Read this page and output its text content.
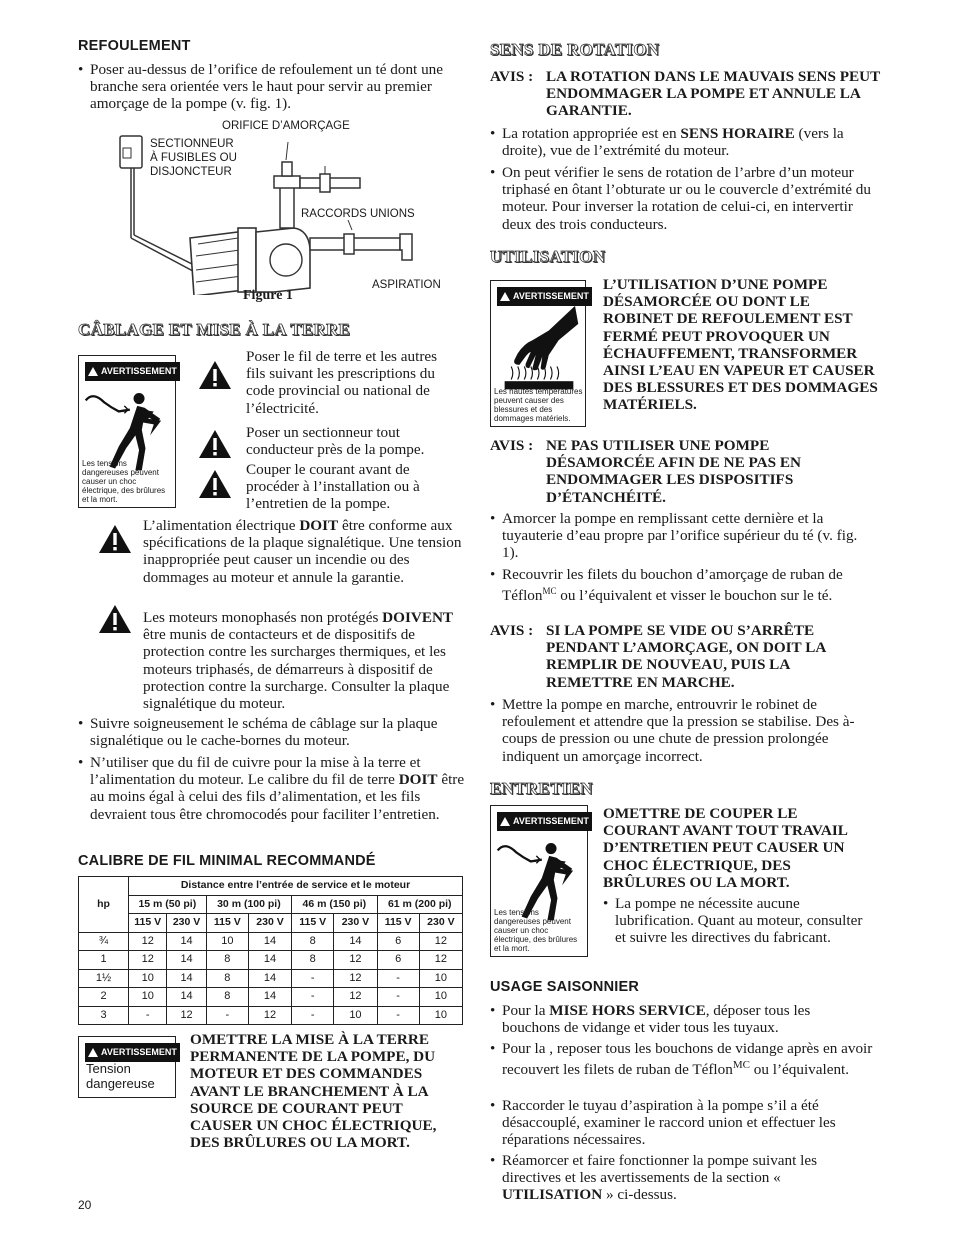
REFOULEMENT

• Poser au-dessus de l’orifice de refoulement un té dont une branche sera orientée vers le haut pour servir au premier amorçage de la pompe (v. fig. 1).

ORIFICE D’AMORÇAGE
SECTIONNEUR
À FUSIBLES OU
DISJONCTEUR
RACCORDS UNIONS
ASPIRATION
Figure 1
CÂBLAGE ET MISE À LA TERRE
AVERTISSEMENT
Les tensions dangereuses peuvent causer un choc électrique, des brûlures et la mort.

Poser le fil de terre et les autres fils suivant les prescriptions du code provincial ou national de l’électricité.

Poser un sectionneur tout conducteur près de la pompe.

Couper le courant avant de procéder à l’installation ou à l’entretien de la pompe.

L’alimentation électrique DOIT être conforme aux spécifications de la plaque signalétique. Une tension inappropriée peut causer un incendie ou des dommages au moteur et annule la garantie.

Les moteurs monophasés non protégés DOIVENT être munis de contacteurs et de dispositifs de protection contre les surcharges thermiques, et les moteurs triphasés, de démarreurs à dispositif de protection contre la surcharge. Consulter la plaque signalétique du moteur.

• Suivre soigneusement le schéma de câblage sur la plaque signalétique ou le cache-bornes du moteur.

• N’utiliser que du fil de cuivre pour la mise à la terre et l’alimentation du moteur. Le calibre du fil de terre DOIT être au moins égal à celui des fils d’alimentation, et les fils devraient tous être chromocodés pour faciliter l’entretien.

CALIBRE DE FIL MINIMAL RECOMMANDÉ
hp	Distance entre l’entrée de service et le moteur							
	15 m (50 pi)		30 m (100 pi)		46 m (150 pi)		61 m (200 pi)	
	115 V	230 V	115 V	230 V	115 V	230 V	115 V	230 V
¾	12	14	10	14	8	14	6	12
1	12	14	8	14	8	12	6	12
1½	10	14	8	14	-	12	-	10
2	10	14	8	14	-	12	-	10
3	-	12	-	12	-	10	-	10
AVERTISSEMENT
Tension
dangereuse

OMETTRE LA MISE À LA TERRE PERMANENTE DE LA POMPE, DU MOTEUR ET DES COMMANDES AVANT LE BRANCHEMENT À LA SOURCE DE COURANT PEUT CAUSER UN CHOC ÉLECTRIQUE, DES BRÛLURES OU LA MORT.

SENS DE ROTATION
AVIS : LA ROTATION DANS LE MAUVAIS SENS PEUT ENDOMMAGER LA POMPE ET ANNULE LA GARANTIE.

• La rotation appropriée est en SENS HORAIRE (vers la droite), vue de l’extrémité du moteur.

• On peut vérifier le sens de rotation de l’arbre d’un moteur triphasé en ôtant l’obturate ur ou le couvercle d’extrémité du moteur. Pour inverser la rotation de celui-ci, en intervertir deux des trois conducteurs.

UTILISATION
AVERTISSEMENT
Les hautes températures peuvent causer des blessures et des dommages matériels.

L’UTILISATION D’UNE POMPE DÉSAMORCÉE OU DONT LE ROBINET DE REFOULEMENT EST FERMÉ PEUT PROVOQUER UN ÉCHAUFFEMENT, TRANSFORMER AINSI L’EAU EN VAPEUR ET CAUSER DES BLESSURES ET DES DOMMAGES MATÉRIELS.

AVIS : NE PAS UTILISER UNE POMPE DÉSAMORCÉE AFIN DE NE PAS EN ENDOMMAGER LES DISPOSITIFS D’ÉTANCHÉITÉ.

• Amorcer la pompe en remplissant cette dernière et la tuyauterie d’eau propre par l’orifice supérieur du té (v. fig. 1).

• Recouvrir les filets du bouchon d’amorçage de ruban de Téflon$^{MC}$ ou l’équivalent et visser le bouchon sur le té.

AVIS : SI LA POMPE SE VIDE OU S’ARRÊTE PENDANT L’AMORÇAGE, ON DOIT LA REMPLIR DE NOUVEAU, PUIS LA REMETTRE EN MARCHE.

• Mettre la pompe en marche, entrouvrir le robinet de refoulement et attendre que la pression se stabilise. Des à-coups de pression ou une chute de pression prolongée indiquent un amorçage incorrect.

ENTRETIEN
AVERTISSEMENT
Les tensions dangereuses peuvent causer un choc électrique, des brûlures et la mort.

OMETTRE DE COUPER LE COURANT AVANT TOUT TRAVAIL D’ENTRETIEN PEUT CAUSER UN CHOC ÉLECTRIQUE, DES BRÛLURES OU LA MORT.

• La pompe ne nécessite aucune lubrification. Quant au moteur, consulter et suivre les directives du fabricant.

USAGE SAISONNIER

• Pour la MISE HORS SERVICE, déposer tous les bouchons de vidange et vider tous les tuyaux.

• Pour la , reposer tous les bouchons de vidange après en avoir recouvert les filets de ruban de Téflon$^{MC}$ ou l’équivalent.

• Raccorder le tuyau d’aspiration à la pompe s’il a été désaccouplé, examiner le raccord union et effectuer les réparations nécessaires.

• Réamorcer et faire fonctionner la pompe suivant les directives et les avertissements de la section « UTILISATION » ci-dessus.

20
